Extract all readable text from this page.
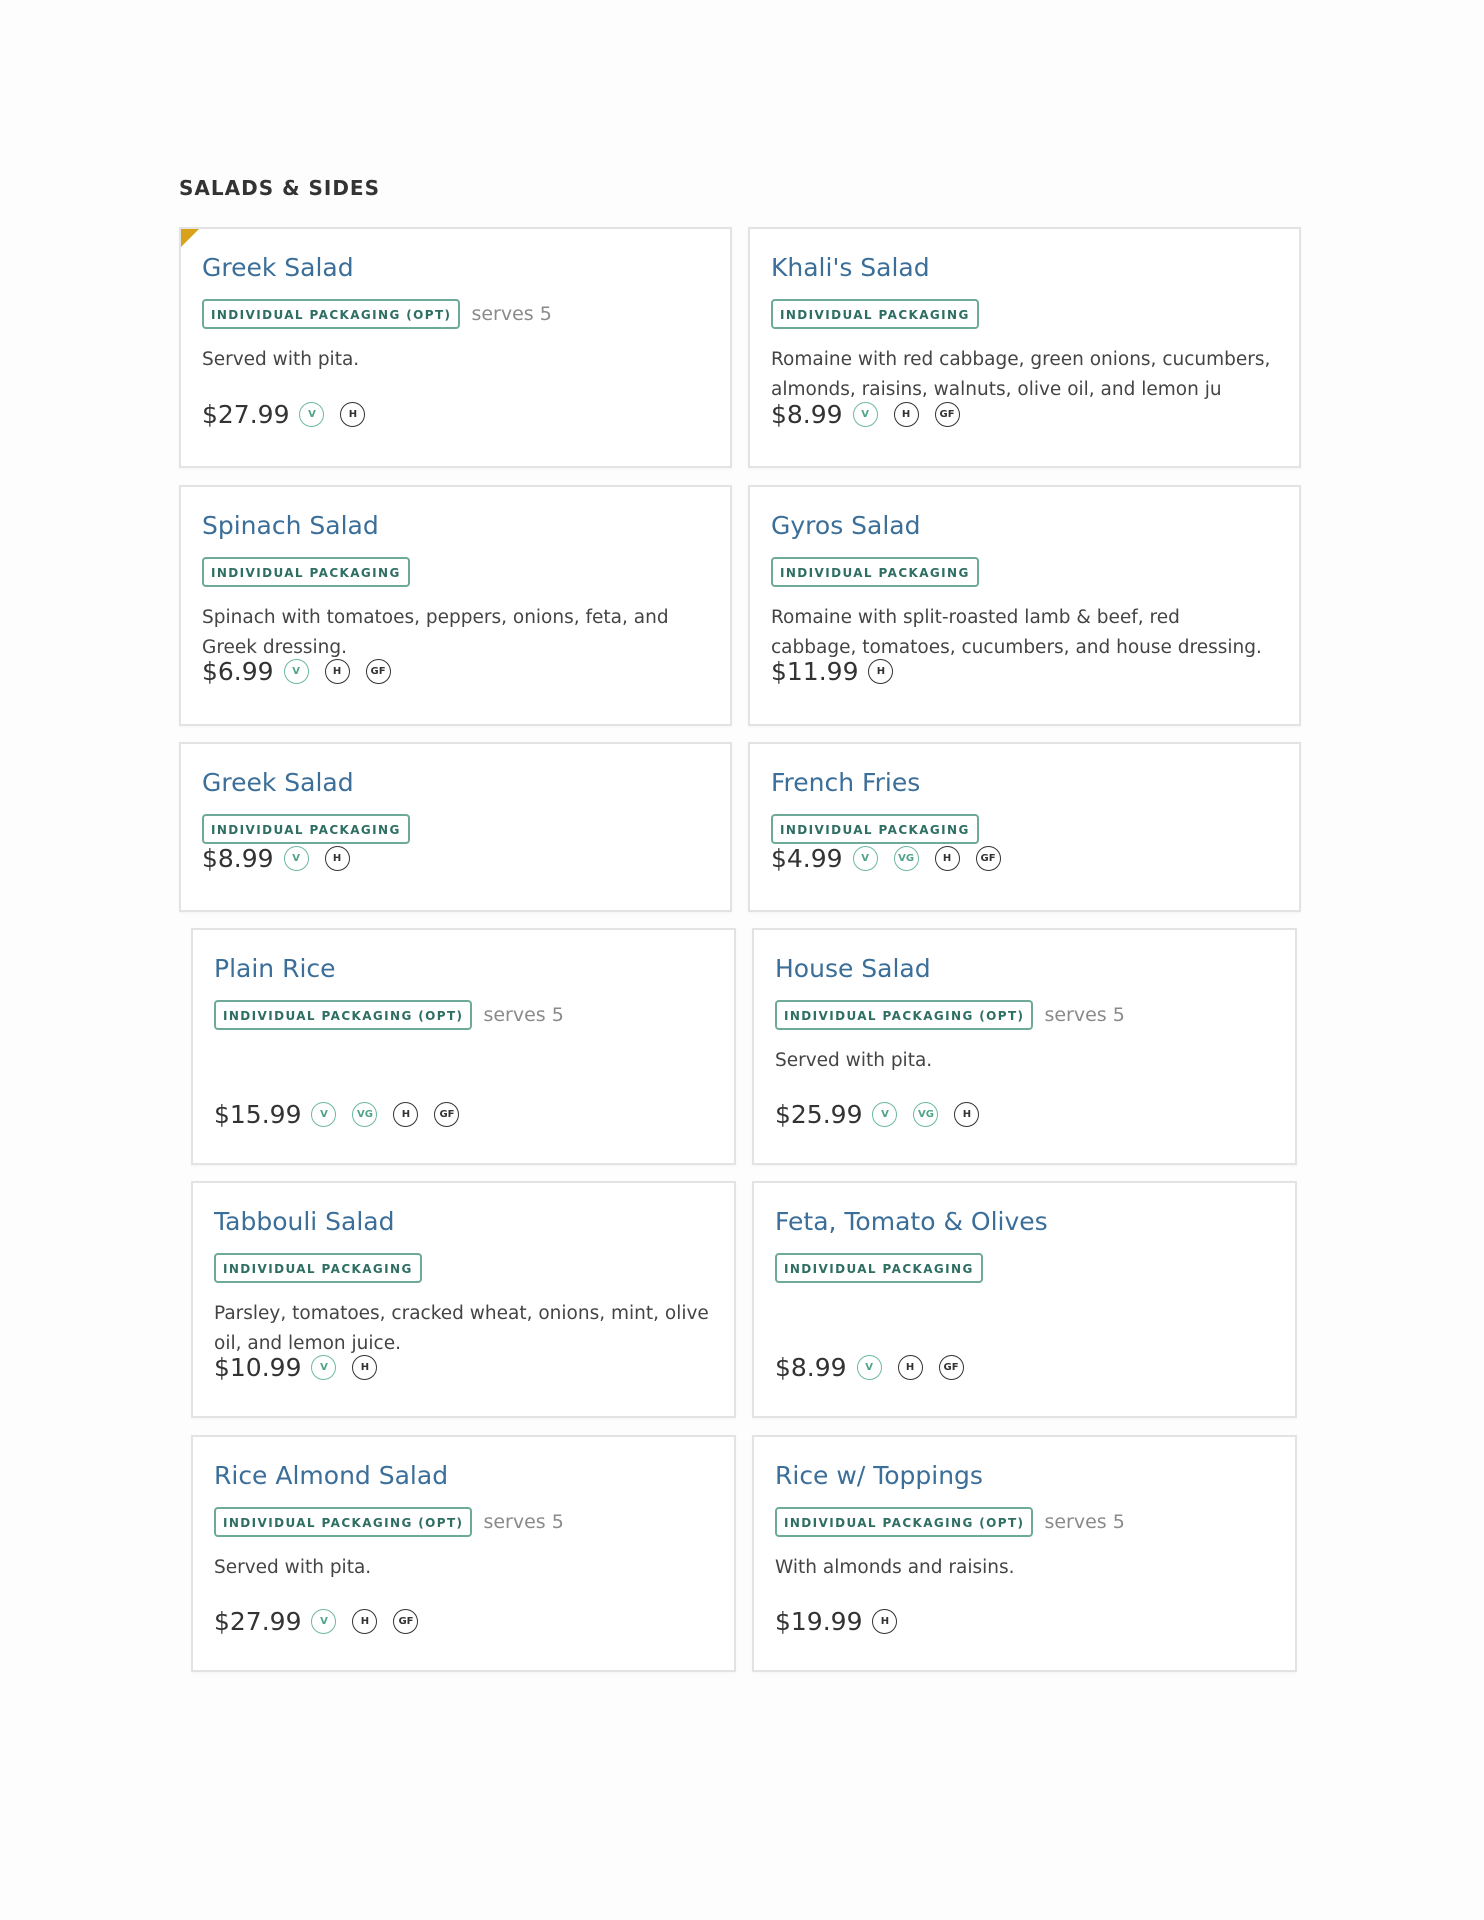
SALADS & SIDES
Greek Salad
INDIVIDUAL PACKAGING (OPT)	serves 5
Served with pita.
$27.99	V	H
Khali's Salad
INDIVIDUAL PACKAGING
Romaine with red cabbage, green onions, cucumbers, almonds, raisins, walnuts, olive oil, and lemon ju
$8.99	V	H	GF
Spinach Salad
INDIVIDUAL PACKAGING
Spinach with tomatoes, peppers, onions, feta, and Greek dressing.
$6.99	V	H	GF
Gyros Salad
INDIVIDUAL PACKAGING
Romaine with split-roasted lamb & beef, red cabbage, tomatoes, cucumbers, and house dressing.
$11.99	H
Greek Salad
INDIVIDUAL PACKAGING
$8.99	V	H
French Fries
INDIVIDUAL PACKAGING
$4.99	V	VG	H	GF
Plain Rice
INDIVIDUAL PACKAGING (OPT)	serves 5
$15.99	V	VG	H	GF
House Salad
INDIVIDUAL PACKAGING (OPT)	serves 5
Served with pita.
$25.99	V	VG	H
Tabbouli Salad
INDIVIDUAL PACKAGING
Parsley, tomatoes, cracked wheat, onions, mint, olive oil, and lemon juice.
$10.99	V	H
Feta, Tomato & Olives
INDIVIDUAL PACKAGING
$8.99	V	H	GF
Rice Almond Salad
INDIVIDUAL PACKAGING (OPT)	serves 5
Served with pita.
$27.99	V	H	GF
Rice w/ Toppings
INDIVIDUAL PACKAGING (OPT)	serves 5
With almonds and raisins.
$19.99	H
